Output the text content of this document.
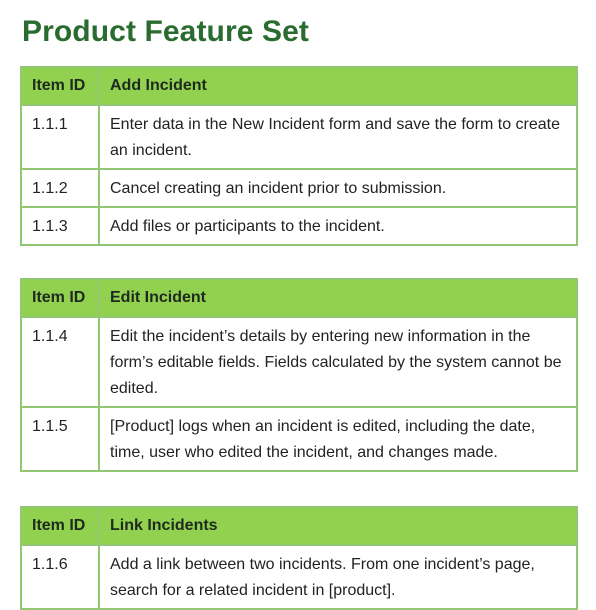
Product Feature Set
Item ID	Add Incident
1.1.1	Enter data in the New Incident form and save the form to create an incident.
1.1.2	Cancel creating an incident prior to submission.
1.1.3	Add files or participants to the incident.
Item ID	Edit Incident
1.1.4	Edit the incident’s details by entering new information in the form’s editable fields. Fields calculated by the system cannot be edited.
1.1.5	[Product] logs when an incident is edited, including the date, time, user who edited the incident, and changes made.
Item ID	Link Incidents
1.1.6	Add a link between two incidents. From one incident’s page, search for a related incident in [product].
